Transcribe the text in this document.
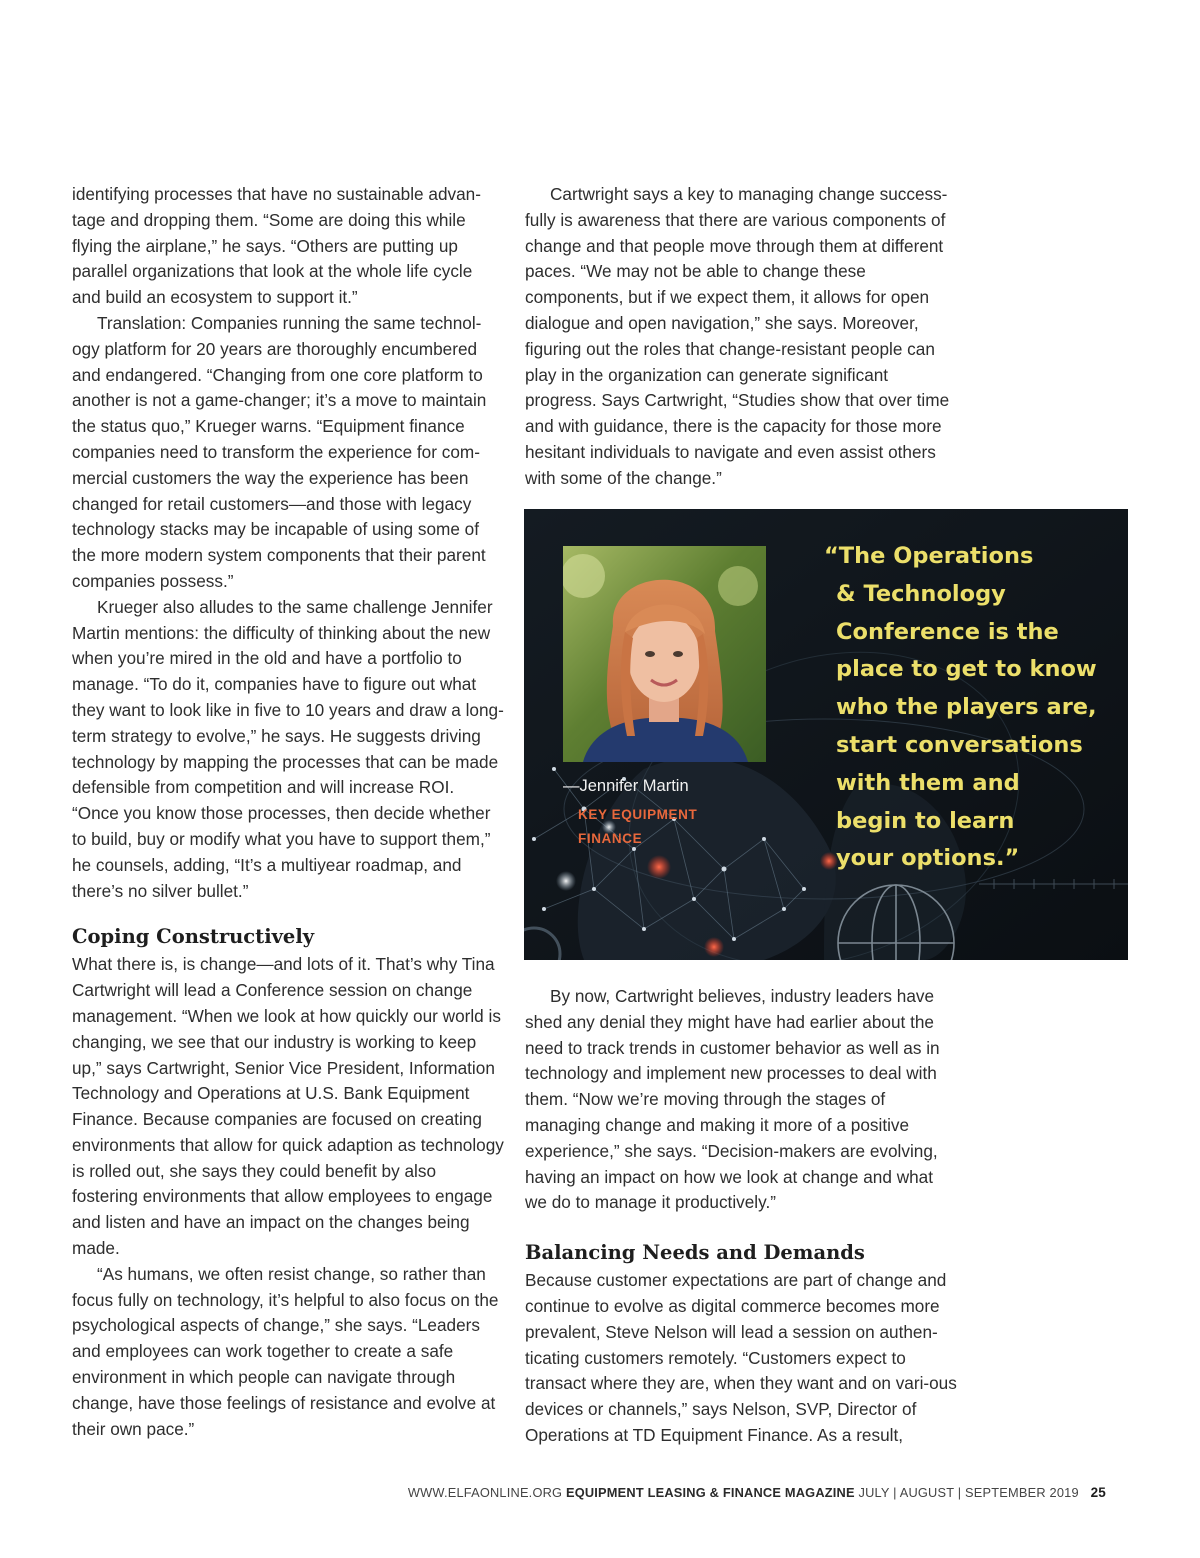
identifying processes that have no sustainable advan-tage and dropping them. “Some are doing this while flying the airplane,” he says. “Others are putting up parallel organizations that look at the whole life cycle and build an ecosystem to support it.”

Translation: Companies running the same technol-ogy platform for 20 years are thoroughly encumbered and endangered. “Changing from one core platform to another is not a game-changer; it’s a move to maintain the status quo,” Krueger warns. “Equipment finance companies need to transform the experience for com-mercial customers the way the experience has been changed for retail customers—and those with legacy technology stacks may be incapable of using some of the more modern system components that their parent companies possess.”

Krueger also alludes to the same challenge Jennifer Martin mentions: the difficulty of thinking about the new when you’re mired in the old and have a portfolio to manage. “To do it, companies have to figure out what they want to look like in five to 10 years and draw a long-term strategy to evolve,” he says. He suggests driving technology by mapping the processes that can be made defensible from competition and will increase ROI. “Once you know those processes, then decide whether to build, buy or modify what you have to support them,” he counsels, adding, “It’s a multiyear roadmap, and there’s no silver bullet.”

Coping Constructively

What there is, is change—and lots of it. That’s why Tina Cartwright will lead a Conference session on change management. “When we look at how quickly our world is changing, we see that our industry is working to keep up,” says Cartwright, Senior Vice President, Information Technology and Operations at U.S. Bank Equipment Finance. Because companies are focused on creating environments that allow for quick adaption as technology is rolled out, she says they could benefit by also fostering environments that allow employees to engage and listen and have an impact on the changes being made.

“As humans, we often resist change, so rather than focus fully on technology, it’s helpful to also focus on the psychological aspects of change,” she says. “Leaders and employees can work together to create a safe environment in which people can navigate through change, have those feelings of resistance and evolve at their own pace.”

Cartwright says a key to managing change success-fully is awareness that there are various components of change and that people move through them at different paces. “We may not be able to change these components, but if we expect them, it allows for open dialogue and open navigation,” she says. Moreover, figuring out the roles that change-resistant people can play in the organization can generate significant progress. Says Cartwright, “Studies show that over time and with guidance, there is the capacity for those more hesitant individuals to navigate and even assist others with some of the change.”

—Jennifer Martin
KEY EQUIPMENT FINANCE
“The Operations
& Technology
Conference is the
place to get to know
who the players are,
start conversations
with them and
begin to learn
your options.”

By now, Cartwright believes, industry leaders have shed any denial they might have had earlier about the need to track trends in customer behavior as well as in technology and implement new processes to deal with them. “Now we’re moving through the stages of managing change and making it more of a positive experience,” she says. “Decision-makers are evolving, having an impact on how we look at change and what we do to manage it productively.”

Balancing Needs and Demands

Because customer expectations are part of change and continue to evolve as digital commerce becomes more prevalent, Steve Nelson will lead a session on authen-ticating customers remotely. “Customers expect to transact where they are, when they want and on vari-ous devices or channels,” says Nelson, SVP, Director of Operations at TD Equipment Finance. As a result,

WWW.ELFAONLINE.ORG EQUIPMENT LEASING & FINANCE MAGAZINE JULY | AUGUST | SEPTEMBER 2019 25
